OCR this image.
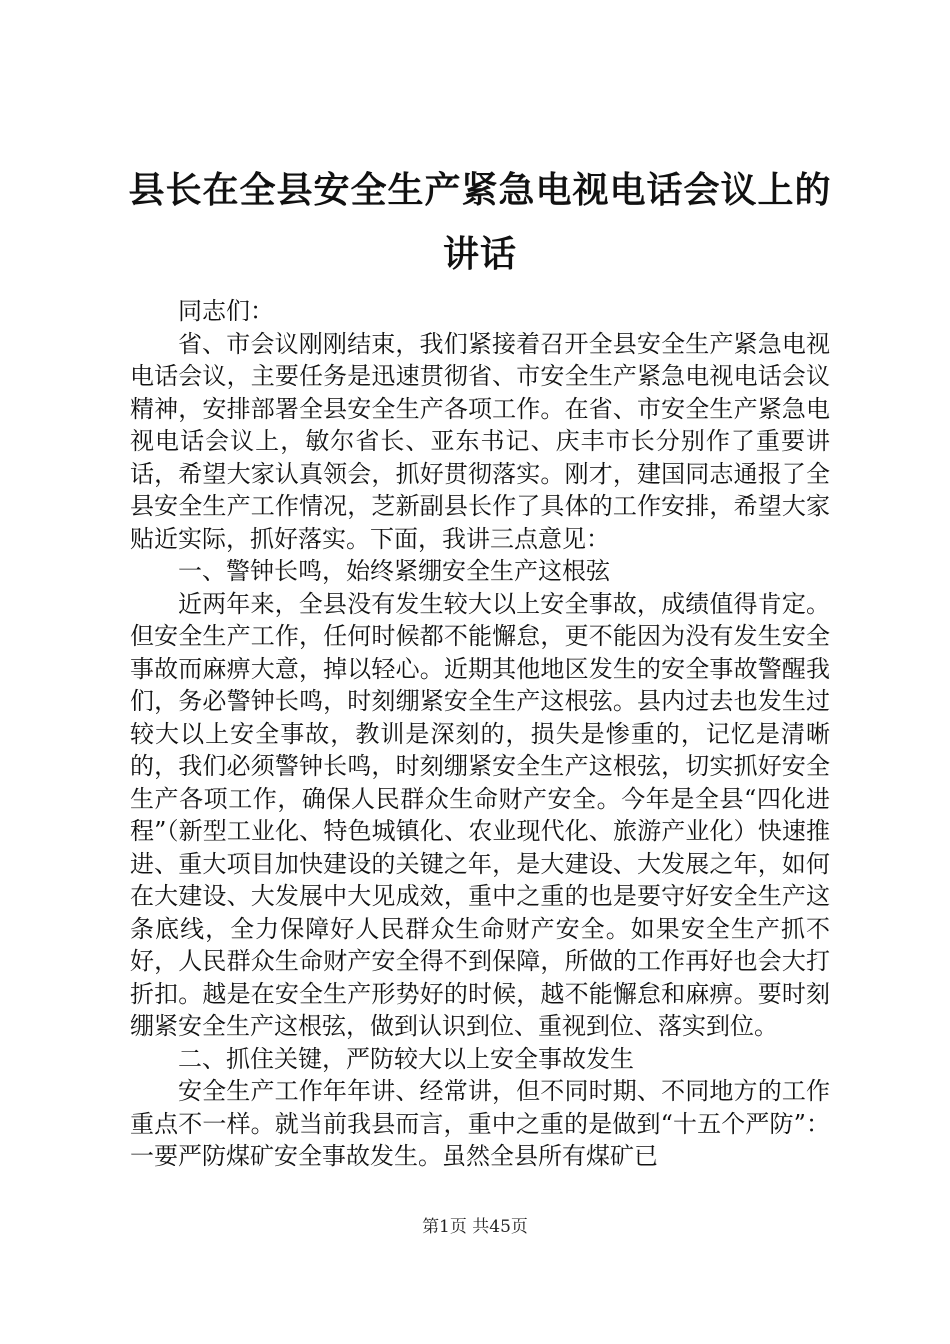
县长在全县安全生产紧急电视电话会议上的讲话

同志们：

省、市会议刚刚结束，我们紧接着召开全县安全生产紧急电视电话会议，主要任务是迅速贯彻省、市安全生产紧急电视电话会议精神，安排部署全县安全生产各项工作。在省、市安全生产紧急电视电话会议上，敏尔省长、亚东书记、庆丰市长分别作了重要讲话，希望大家认真领会，抓好贯彻落实。刚才，建国同志通报了全县安全生产工作情况，芝新副县长作了具体的工作安排，希望大家贴近实际，抓好落实。下面，我讲三点意见：

一、警钟长鸣，始终紧绷安全生产这根弦

近两年来，全县没有发生较大以上安全事故，成绩值得肯定。但安全生产工作，任何时候都不能懈怠，更不能因为没有发生安全事故而麻痹大意，掉以轻心。近期其他地区发生的安全事故警醒我们，务必警钟长鸣，时刻绷紧安全生产这根弦。县内过去也发生过较大以上安全事故，教训是深刻的，损失是惨重的，记忆是清晰的，我们必须警钟长鸣，时刻绷紧安全生产这根弦，切实抓好安全生产各项工作，确保人民群众生命财产安全。今年是全县“四化进程”（新型工业化、特色城镇化、农业现代化、旅游产业化）快速推进、重大项目加快建设的关键之年，是大建设、大发展之年，如何在大建设、大发展中大见成效，重中之重的也是要守好安全生产这条底线，全力保障好人民群众生命财产安全。如果安全生产抓不好，人民群众生命财产安全得不到保障，所做的工作再好也会大打折扣。越是在安全生产形势好的时候，越不能懈怠和麻痹。要时刻绷紧安全生产这根弦，做到认识到位、重视到位、落实到位。

二、抓住关键，严防较大以上安全事故发生

安全生产工作年年讲、经常讲，但不同时期、不同地方的工作重点不一样。就当前我县而言，重中之重的是做到“十五个严防”：一要严防煤矿安全事故发生。虽然全县所有煤矿已

第1页 共45页
